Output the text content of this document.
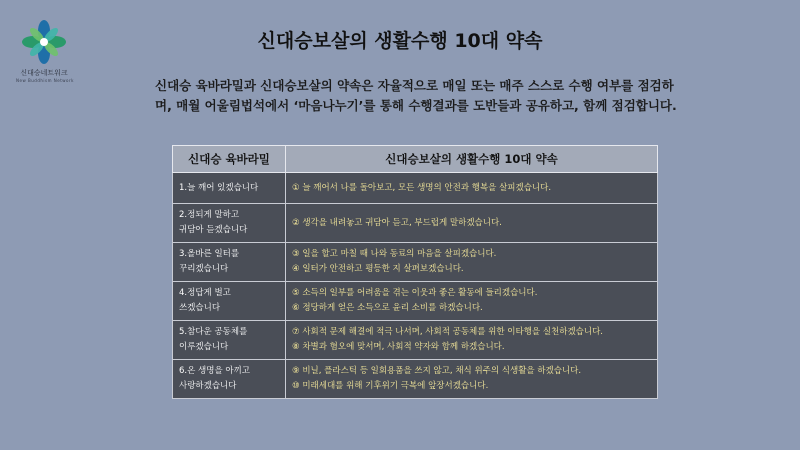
신대승네트워크
New Buddhism Network
신대승보살의 생활수행 10대 약속
신대승 육바라밀과 신대승보살의 약속은 자율적으로 매일 또는 매주 스스로 수행 여부를 점검하며, 매월 어울림법석에서 ‘마음나누기’를 통해 수행결과를 도반들과 공유하고, 함께 점검합니다.
신대승 육바라밀	신대승보살의 생활수행 10대 약속

1.늘 깨어 있겠습니다	① 늘 깨어서 나를 돌아보고, 모든 생명의 안전과 행복을 살피겠습니다.

2.정되게 말하고
귀담아 듣겠습니다	② 생각을 내려놓고 귀담아 듣고, 부드럽게 말하겠습니다.

3.올바른 일터를
꾸리겠습니다	③ 일을 할고 마칠 때 나와 동료의 마음을 살피겠습니다.
④ 일터가 안전하고 평등한 지 살펴보겠습니다.

4.정답게 벌고
쓰겠습니다	⑤ 소득의 일부를 어려움을 겪는 이웃과 좋은 활동에 들리겠습니다.
⑥ 정당하게 얻은 소득으로 윤리 소비를 하겠습니다.

5.참다운 공동체를
이루겠습니다	⑦ 사회적 문제 해결에 적극 나서며, 사회적 공동체를 위한 이타행을 실천하겠습니다.
⑧ 차별과 혐오에 맞서며, 사회적 약자와 함께 하겠습니다.

6.온 생명을 아끼고
사랑하겠습니다	⑨ 비닐, 플라스틱 등 일회용품을 쓰지 않고, 채식 위주의 식생활을 하겠습니다.
⑩ 미래세대를 위해 기후위기 극복에 앞장서겠습니다.
